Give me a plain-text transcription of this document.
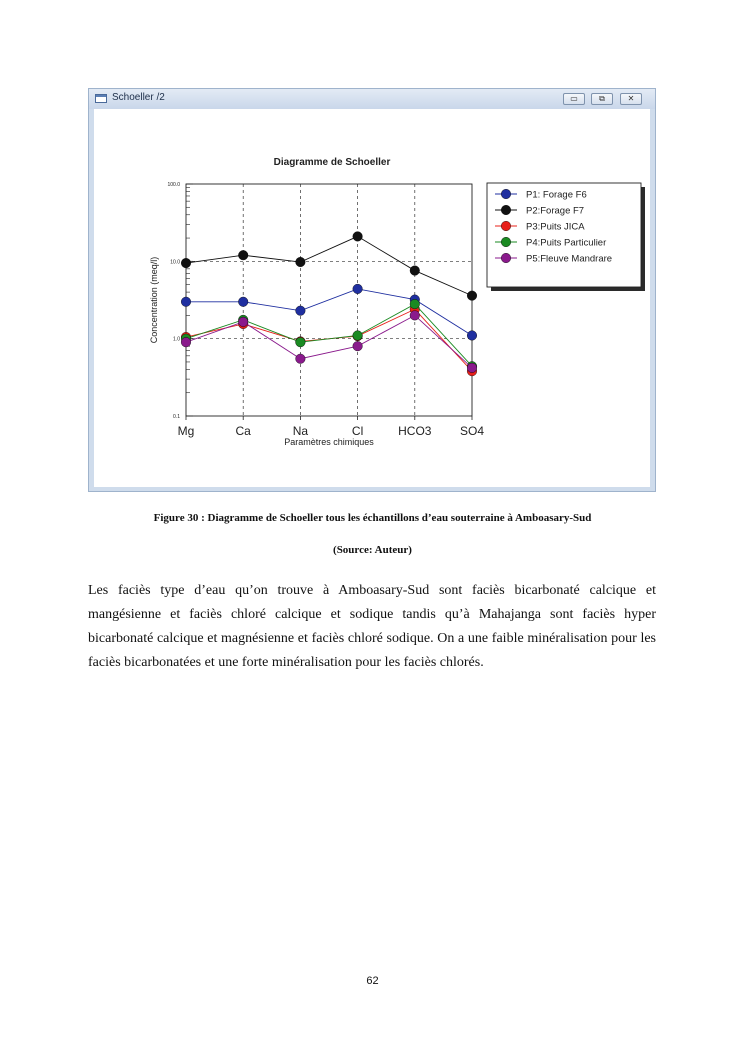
Schoeller /2	▭	⧉	✕
Diagramme de Schoeller
0.1
1.0
10.0
100.0
Mg	Ca	Na	Cl	HCO3 SO4
Paramètres chimiques
Concentration (meq/l)
P1: Forage F6
P2:Forage F7
P3:Puits JICA
P4:Puits Particulier
P5:Fleuve Mandrare
Figure 30 : Diagramme de Schoeller tous les échantillons d’eau souterraine à Amboasary-Sud
(Source: Auteur)

Les faciès type d’eau qu’on trouve à Amboasary-Sud sont faciès bicarbonaté calcique et mangésienne et faciès chloré calcique et sodique tandis qu’à Mahajanga sont faciès hyper bicarbonaté calcique et magnésienne et faciès chloré sodique. On a une faible minéralisation pour les faciès bicarbonatées et une forte minéralisation pour les faciès chlorés.

62
